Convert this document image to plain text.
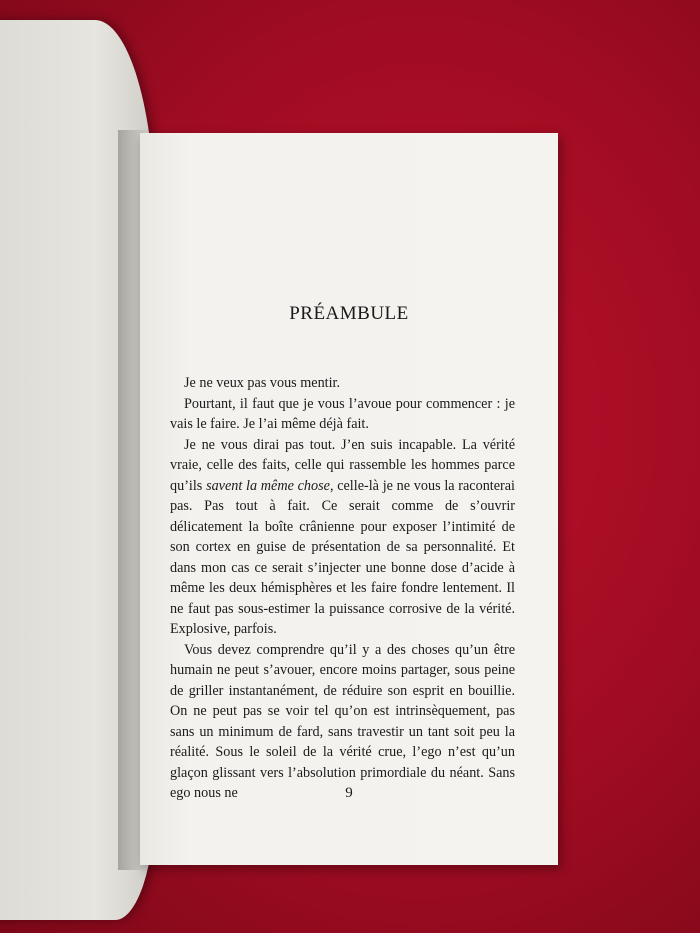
PRÉAMBULE

Je ne veux pas vous mentir.

Pourtant, il faut que je vous l’avoue pour commencer : je vais le faire. Je l’ai même déjà fait.

Je ne vous dirai pas tout. J’en suis incapable. La vérité vraie, celle des faits, celle qui rassemble les hommes parce qu’ils savent la même chose, celle-là je ne vous la raconterai pas. Pas tout à fait. Ce serait comme de s’ouvrir délicatement la boîte crânienne pour exposer l’intimité de son cortex en guise de présentation de sa personnalité. Et dans mon cas ce serait s’injecter une bonne dose d’acide à même les deux hémisphères et les faire fondre lentement. Il ne faut pas sous-estimer la puissance corrosive de la vérité. Explosive, parfois.

Vous devez comprendre qu’il y a des choses qu’un être humain ne peut s’avouer, encore moins partager, sous peine de griller instantanément, de réduire son esprit en bouillie. On ne peut pas se voir tel qu’on est intrinsèquement, pas sans un minimum de fard, sans travestir un tant soit peu la réalité. Sous le soleil de la vérité crue, l’ego n’est qu’un glaçon glissant vers l’absolution primordiale du néant. Sans ego nous ne	9
